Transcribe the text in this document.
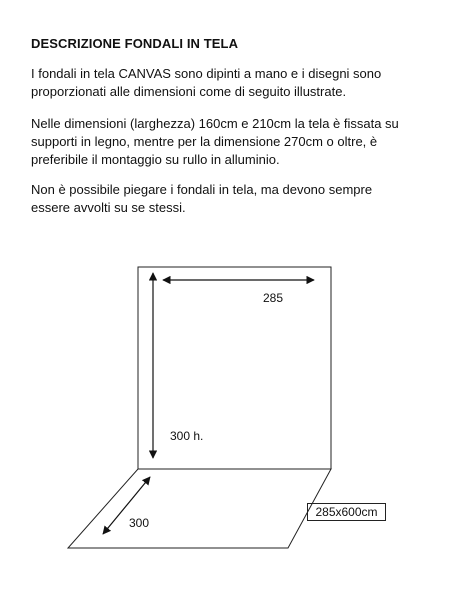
DESCRIZIONE FONDALI IN TELA
I fondali in tela CANVAS sono dipinti a mano e i disegni sono
proporzionati alle dimensioni come di seguito illustrate.
Nelle dimensioni (larghezza) 160cm e 210cm la tela è fissata su
supporti in legno, mentre per la dimensione 270cm o oltre, è
preferibile il montaggio su rullo in alluminio.
Non è possibile piegare i fondali in tela, ma devono sempre
essere avvolti su se stessi.
285
300 h.
300
285x600cm
